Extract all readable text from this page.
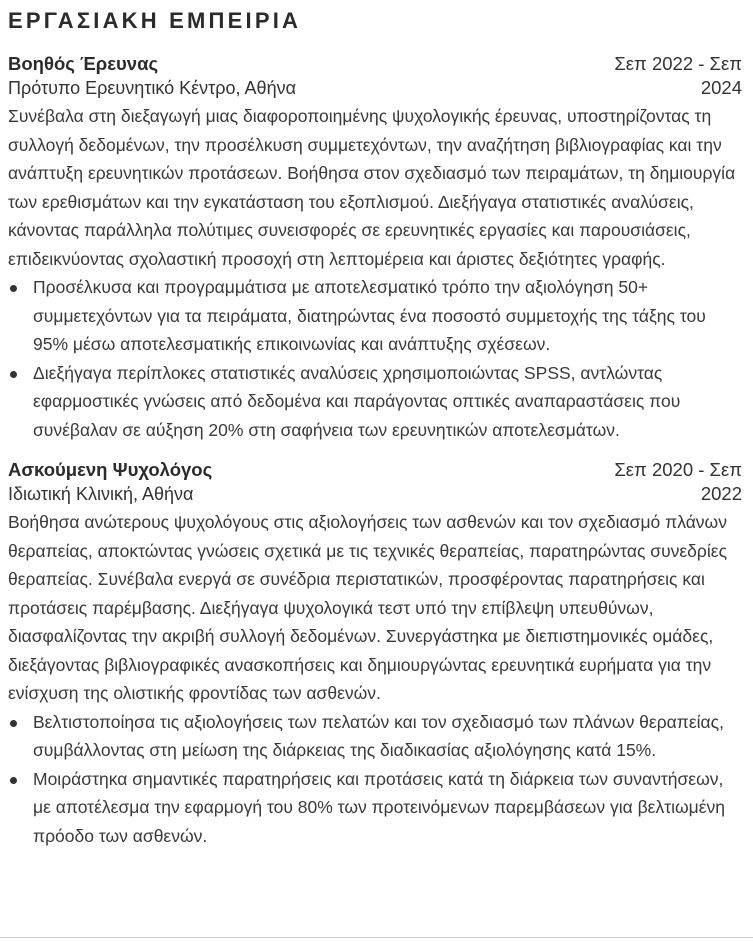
ΕΡΓΑΣΙΑΚΗ ΕΜΠΕΙΡΙΑ
Βοηθός Έρευνας
Πρότυπο Ερευνητικό Κέντρο, Αθήνα
Σεπ 2022 - Σεπ 2024

Συνέβαλα στη διεξαγωγή μιας διαφοροποιημένης ψυχολογικής έρευνας, υποστηρίζοντας τη συλλογή δεδομένων, την προσέλκυση συμμετεχόντων, την αναζήτηση βιβλιογραφίας και την ανάπτυξη ερευνητικών προτάσεων. Βοήθησα στον σχεδιασμό των πειραμάτων, τη δημιουργία των ερεθισμάτων και την εγκατάσταση του εξοπλισμού. Διεξήγαγα στατιστικές αναλύσεις, κάνοντας παράλληλα πολύτιμες συνεισφορές σε ερευνητικές εργασίες και παρουσιάσεις, επιδεικνύοντας σχολαστική προσοχή στη λεπτομέρεια και άριστες δεξιότητες γραφής.

Προσέλκυσα και προγραμμάτισα με αποτελεσματικό τρόπο την αξιολόγηση 50+ συμμετεχόντων για τα πειράματα, διατηρώντας ένα ποσοστό συμμετοχής της τάξης του 95% μέσω αποτελεσματικής επικοινωνίας και ανάπτυξης σχέσεων.
Διεξήγαγα περίπλοκες στατιστικές αναλύσεις χρησιμοποιώντας SPSS, αντλώντας εφαρμοστικές γνώσεις από δεδομένα και παράγοντας οπτικές αναπαραστάσεις που συνέβαλαν σε αύξηση 20% στη σαφήνεια των ερευνητικών αποτελεσμάτων.
Ασκούμενη Ψυχολόγος
Ιδιωτική Κλινική, Αθήνα
Σεπ 2020 - Σεπ 2022

Βοήθησα ανώτερους ψυχολόγους στις αξιολογήσεις των ασθενών και τον σχεδιασμό πλάνων θεραπείας, αποκτώντας γνώσεις σχετικά με τις τεχνικές θεραπείας, παρατηρώντας συνεδρίες θεραπείας. Συνέβαλα ενεργά σε συνέδρια περιστατικών, προσφέροντας παρατηρήσεις και προτάσεις παρέμβασης. Διεξήγαγα ψυχολογικά τεστ υπό την επίβλεψη υπευθύνων, διασφαλίζοντας την ακριβή συλλογή δεδομένων. Συνεργάστηκα με διεπιστημονικές ομάδες, διεξάγοντας βιβλιογραφικές ανασκοπήσεις και δημιουργώντας ερευνητικά ευρήματα για την ενίσχυση της ολιστικής φροντίδας των ασθενών.

Βελτιστοποίησα τις αξιολογήσεις των πελατών και τον σχεδιασμό των πλάνων θεραπείας, συμβάλλοντας στη μείωση της διάρκειας της διαδικασίας αξιολόγησης κατά 15%.
Μοιράστηκα σημαντικές παρατηρήσεις και προτάσεις κατά τη διάρκεια των συναντήσεων, με αποτέλεσμα την εφαρμογή του 80% των προτεινόμενων παρεμβάσεων για βελτιωμένη πρόοδο των ασθενών.
